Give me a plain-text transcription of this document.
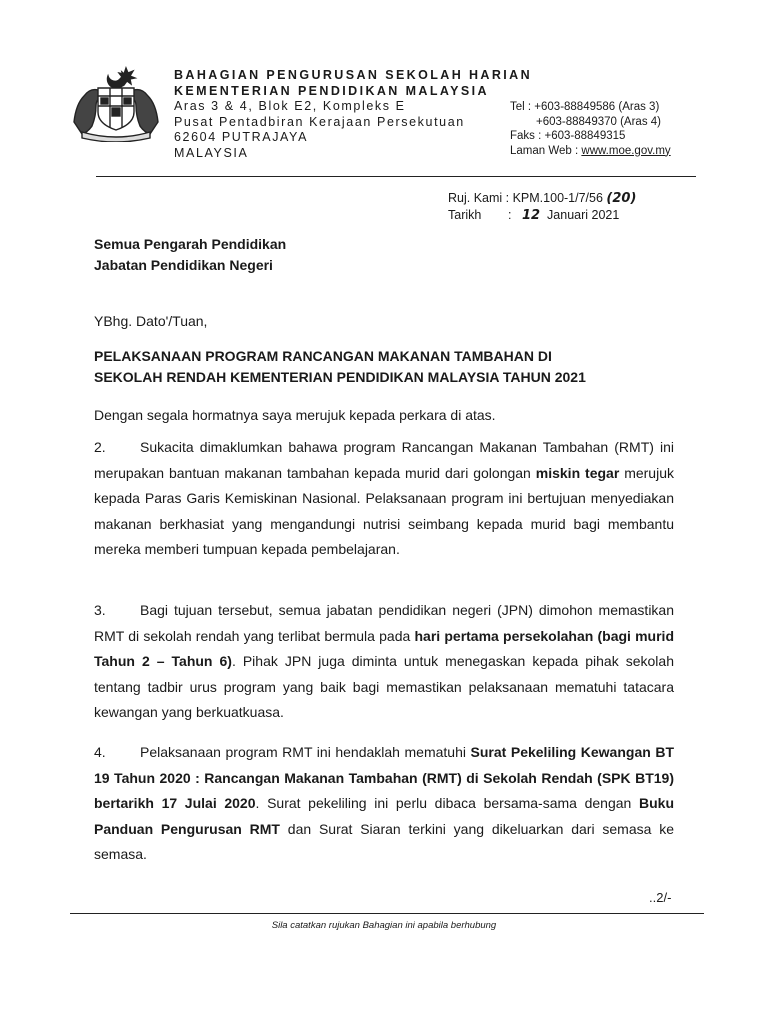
BAHAGIAN PENGURUSAN SEKOLAH HARIAN
KEMENTERIAN PENDIDIKAN MALAYSIA
Aras 3 & 4, Blok E2, Kompleks E
Pusat Pentadbiran Kerajaan Persekutuan
62604 PUTRAJAYA
MALAYSIA
Tel : +603-88849586 (Aras 3)
+603-88849370 (Aras 4)
Faks : +603-88849315
Laman Web : www.moe.gov.my
Ruj. Kami : KPM.100-1/7/56 (20)
Tarikh : 12 Januari 2021
Semua Pengarah Pendidikan
Jabatan Pendidikan Negeri
YBhg. Dato'/Tuan,
PELAKSANAAN PROGRAM RANCANGAN MAKANAN TAMBAHAN DI
SEKOLAH RENDAH KEMENTERIAN PENDIDIKAN MALAYSIA TAHUN 2021
Dengan segala hormatnya saya merujuk kepada perkara di atas.
2. Sukacita dimaklumkan bahawa program Rancangan Makanan Tambahan (RMT) ini merupakan bantuan makanan tambahan kepada murid dari golongan miskin tegar merujuk kepada Paras Garis Kemiskinan Nasional. Pelaksanaan program ini bertujuan menyediakan makanan berkhasiat yang mengandungi nutrisi seimbang kepada murid bagi membantu mereka memberi tumpuan kepada pembelajaran.
3. Bagi tujuan tersebut, semua jabatan pendidikan negeri (JPN) dimohon memastikan RMT di sekolah rendah yang terlibat bermula pada hari pertama persekolahan (bagi murid Tahun 2 – Tahun 6). Pihak JPN juga diminta untuk menegaskan kepada pihak sekolah tentang tadbir urus program yang baik bagi memastikan pelaksanaan mematuhi tatacara kewangan yang berkuatkuasa.
4. Pelaksanaan program RMT ini hendaklah mematuhi Surat Pekeliling Kewangan BT 19 Tahun 2020 : Rancangan Makanan Tambahan (RMT) di Sekolah Rendah (SPK BT19) bertarikh 17 Julai 2020. Surat pekeliling ini perlu dibaca bersama-sama dengan Buku Panduan Pengurusan RMT dan Surat Siaran terkini yang dikeluarkan dari semasa ke semasa.
..2/-
Sila catatkan rujukan Bahagian ini apabila berhubung
